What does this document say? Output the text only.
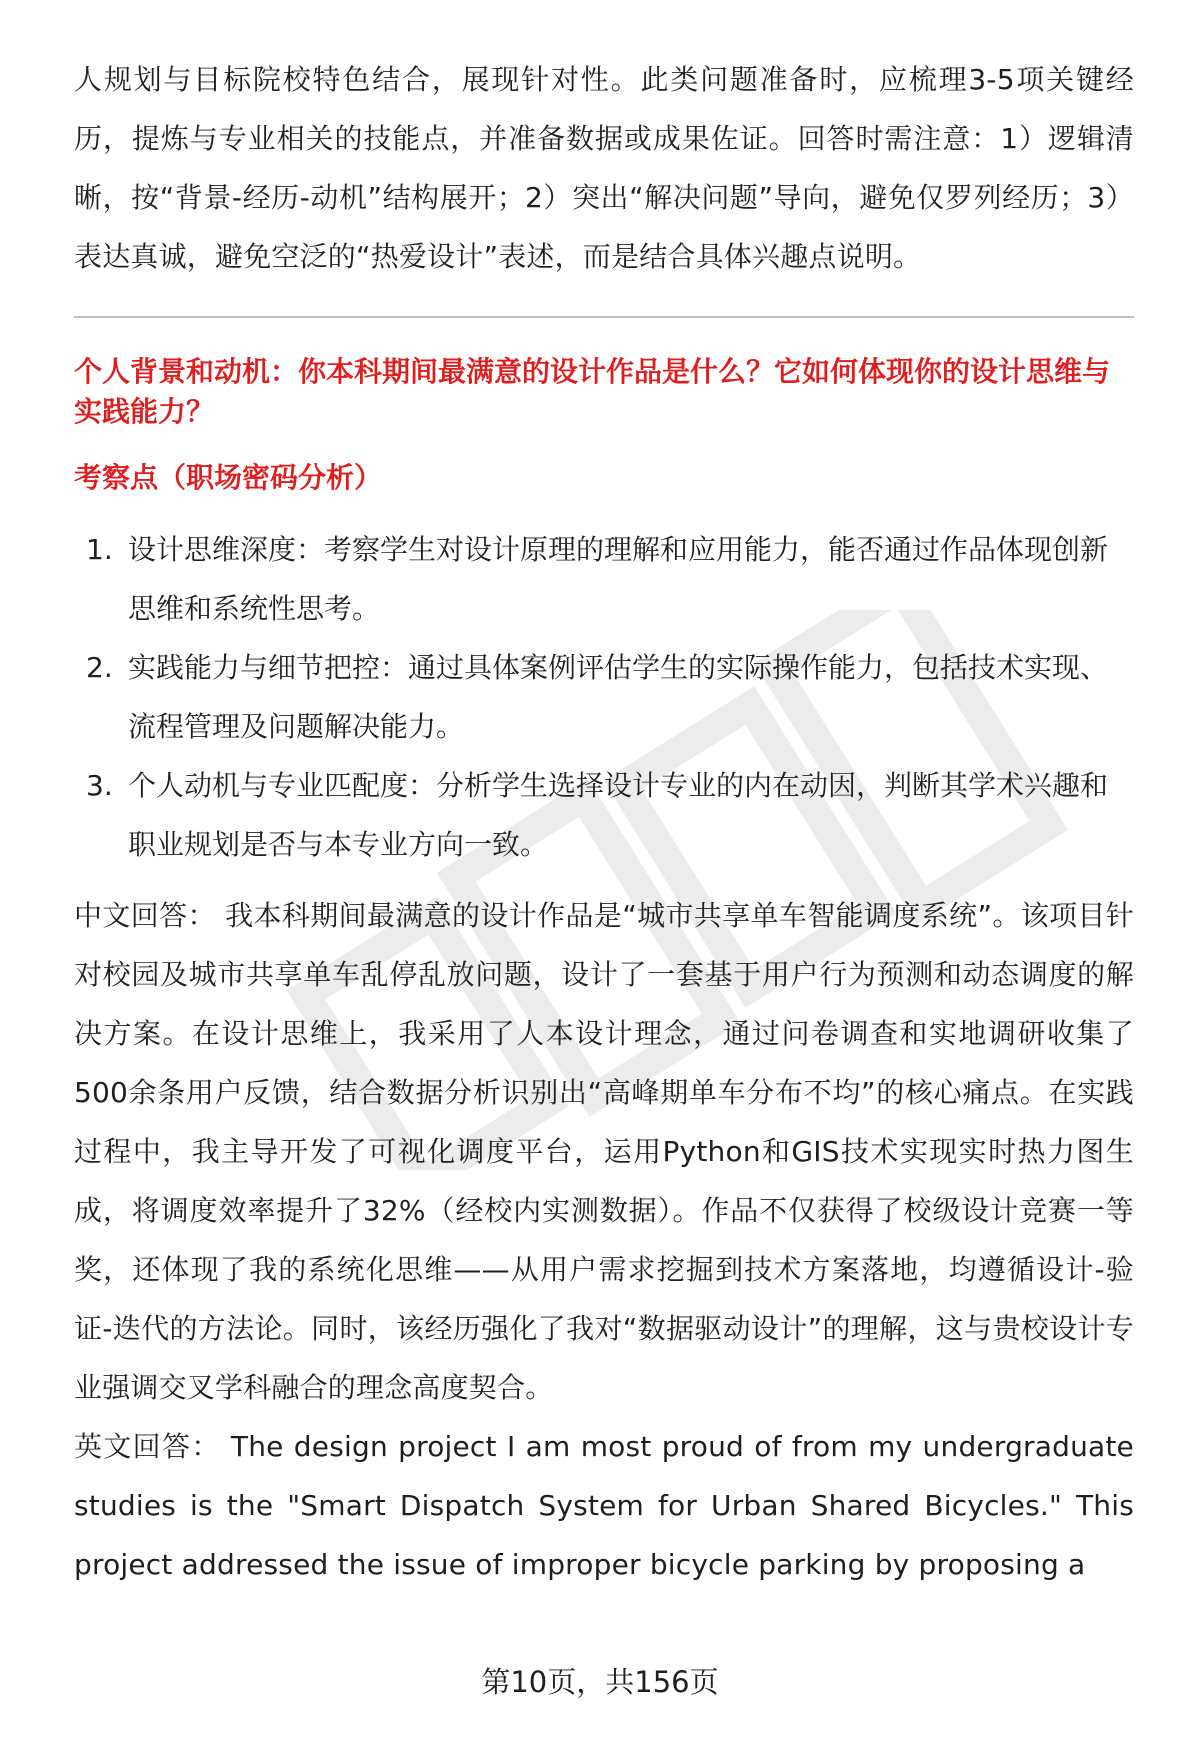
人规划与目标院校特色结合，展现针对性。此类问题准备时，应梳理3-5项关键经历，提炼与专业相关的技能点，并准备数据或成果佐证。回答时需注意：1）逻辑清晰，按“背景-经历-动机”结构展开；2）突出“解决问题”导向，避免仅罗列经历；3）表达真诚，避免空泛的“热爱设计”表述，而是结合具体兴趣点说明。

个人背景和动机：你本科期间最满意的设计作品是什么？它如何体现你的设计思维与实践能力？
考察点（职场密码分析）
1. 设计思维深度：考察学生对设计原理的理解和应用能力，能否通过作品体现创新思维和系统性思考。
2. 实践能力与细节把控：通过具体案例评估学生的实际操作能力，包括技术实现、流程管理及问题解决能力。
3. 个人动机与专业匹配度：分析学生选择设计专业的内在动因，判断其学术兴趣和职业规划是否与本专业方向一致。

中文回答： 我本科期间最满意的设计作品是“城市共享单车智能调度系统”。该项目针对校园及城市共享单车乱停乱放问题，设计了一套基于用户行为预测和动态调度的解决方案。在设计思维上，我采用了人本设计理念，通过问卷调查和实地调研收集了500余条用户反馈，结合数据分析识别出“高峰期单车分布不均”的核心痛点。在实践过程中，我主导开发了可视化调度平台，运用Python和GIS技术实现实时热力图生成，将调度效率提升了32%（经校内实测数据）。作品不仅获得了校级设计竞赛一等奖，还体现了我的系统化思维——从用户需求挖掘到技术方案落地，均遵循设计-验证-迭代的方法论。同时，该经历强化了我对“数据驱动设计”的理解，这与贵校设计专业强调交叉学科融合的理念高度契合。

英文回答： The design project I am most proud of from my undergraduate studies is the "Smart Dispatch System for Urban Shared Bicycles." This project addressed the issue of improper bicycle parking by proposing a

第10页，共156页
